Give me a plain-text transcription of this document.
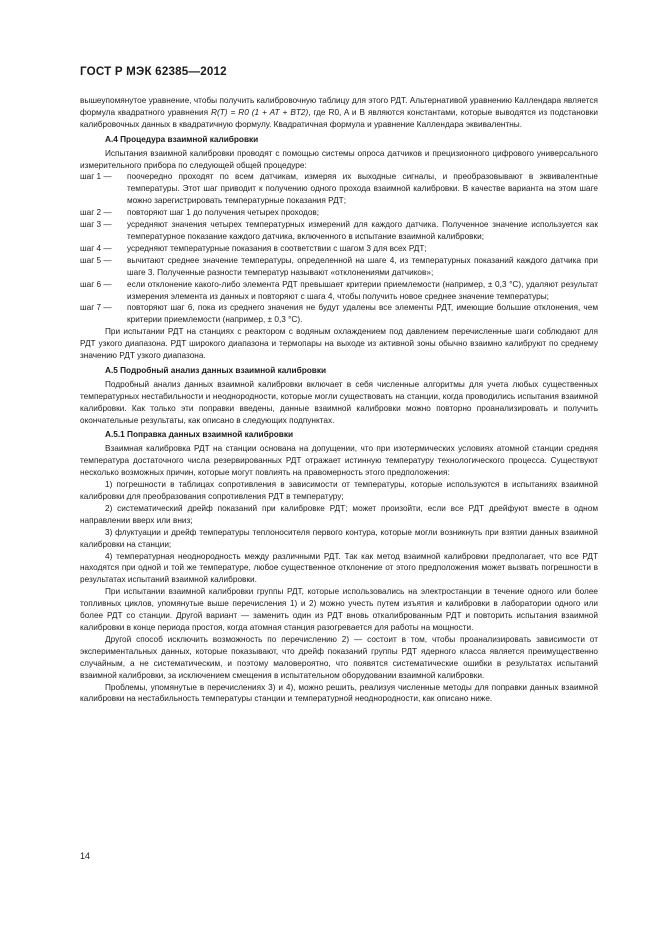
ГОСТ Р МЭК 62385—2012

вышеупомянутое уравнение, чтобы получить калибровочную таблицу для этого РДТ. Альтернативой уравнению Каллендара является формула квадратного уравнения R(T) = R0 (1 + AT + BT2), где R0, A и B являются константами, которые выводятся из подстановки калибровочных данных в квадратичную формулу. Квадратичная формула и уравнение Каллендара эквивалентны.

А.4 Процедура взаимной калибровки

Испытания взаимной калибровки проводят с помощью системы опроса датчиков и прецизионного цифрового универсального измерительного прибора по следующей общей процедуре:

шаг 1 —	поочередно проходят по всем датчикам, измеряя их выходные сигналы, и преобразовывают в эквивалентные температуры. Этот шаг приводит к получению одного прохода взаимной калибровки. В качестве варианта на этом шаге можно зарегистрировать температурные показания РДТ;
шаг 2 —	повторяют шаг 1 до получения четырех проходов;
шаг 3 —	усредняют значения четырех температурных измерений для каждого датчика. Полученное значение используется как температурное показание каждого датчика, включенного в испытание взаимной калибровки;
шаг 4 —	усредняют температурные показания в соответствии с шагом 3 для всех РДТ;
шаг 5 —	вычитают среднее значение температуры, определенной на шаге 4, из температурных показаний каждого датчика при шаге 3. Полученные разности температур называют «отклонениями датчиков»;
шаг 6 —	если отклонение какого-либо элемента РДТ превышает критерии приемлемости (например, ± 0,3 °С), удаляют результат измерения элемента из данных и повторяют с шага 4, чтобы получить новое среднее значение температуры;
шаг 7 —	повторяют шаг 6, пока из среднего значения не будут удалены все элементы РДТ, имеющие большие отклонения, чем критерии приемлемости (например, ± 0,3 °С).

При испытании РДТ на станциях с реактором с водяным охлаждением под давлением перечисленные шаги соблюдают для РДТ узкого диапазона. РДТ широкого диапазона и термопары на выходе из активной зоны обычно взаимно калибруют по среднему значению РДТ узкого диапазона.

А.5 Подробный анализ данных взаимной калибровки

Подробный анализ данных взаимной калибровки включает в себя численные алгоритмы для учета любых существенных температурных нестабильности и неоднородности, которые могли существовать на станции, когда проводились испытания взаимной калибровки. Как только эти поправки введены, данные взаимной калибровки можно повторно проанализировать и получить окончательные результаты, как описано в следующих подпунктах.

А.5.1 Поправка данных взаимной калибровки

Взаимная калибровка РДТ на станции основана на допущении, что при изотермических условиях атомной станции средняя температура достаточного числа резервированных РДТ отражает истинную температуру технологического процесса. Существуют несколько возможных причин, которые могут повлиять на правомерность этого предположения:

1) погрешности в таблицах сопротивления в зависимости от температуры, которые используются в испытаниях взаимной калибровки для преобразования сопротивления РДТ в температуру;

2) систематический дрейф показаний при калибровке РДТ; может произойти, если все РДТ дрейфуют вместе в одном направлении вверх или вниз;

3) флуктуации и дрейф температуры теплоносителя первого контура, которые могли возникнуть при взятии данных взаимной калибровки на станции;

4) температурная неоднородность между различными РДТ. Так как метод взаимной калибровки предполагает, что все РДТ находятся при одной и той же температуре, любое существенное отклонение от этого предположения может вызвать погрешности в результатах испытаний взаимной калибровки.

При испытании взаимной калибровки группы РДТ, которые использовались на электростанции в течение одного или более топливных циклов, упомянутые выше перечисления 1) и 2) можно учесть путем изъятия и калибровки в лаборатории одного или более РДТ со станции. Другой вариант — заменить один из РДТ вновь откалиброванным РДТ и повторить испытания взаимной калибровки в конце периода простоя, когда атомная станция разогревается для работы на мощности.

Другой способ исключить возможность по перечислению 2) — состоит в том, чтобы проанализировать зависимости от экспериментальных данных, которые показывают, что дрейф показаний группы РДТ ядерного класса является преимущественно случайным, а не систематическим, и поэтому маловероятно, что появятся систематические ошибки в результатах испытаний взаимной калибровки, за исключением смещения в испытательном оборудовании взаимной калибровки.

Проблемы, упомянутые в перечислениях 3) и 4), можно решить, реализуя численные методы для поправки данных взаимной калибровки на нестабильность температуры станции и температурной неоднородности, как описано ниже.

14
